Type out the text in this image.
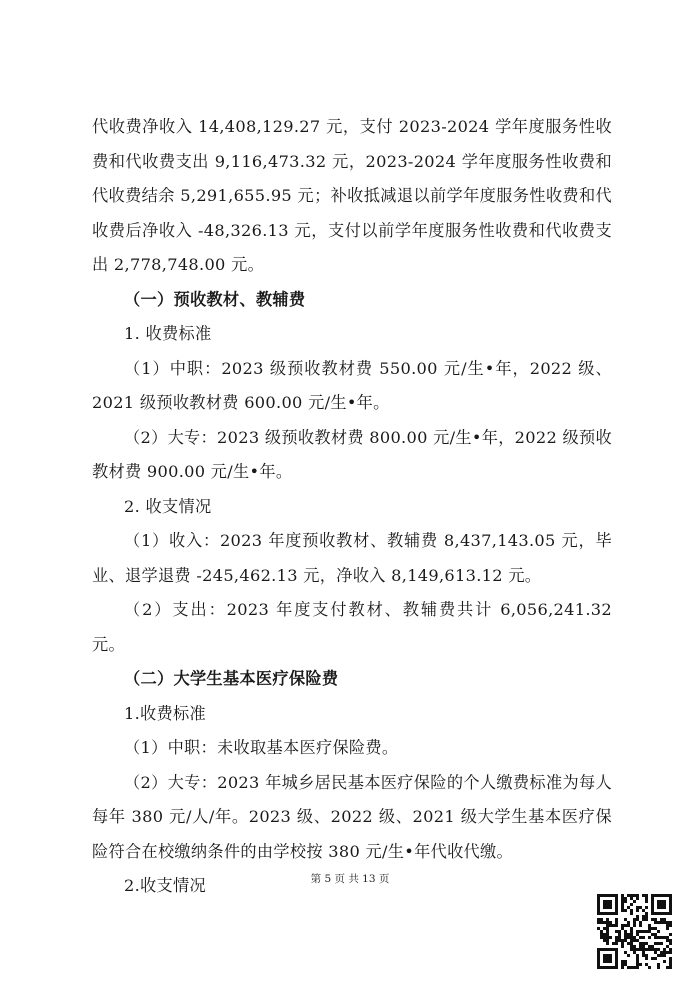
代收费净收入 14,408,129.27 元，支付 2023-2024 学年度服务性收费和代收费支出 9,116,473.32 元，2023-2024 学年度服务性收费和代收费结余 5,291,655.95 元；补收抵减退以前学年度服务性收费和代收费后净收入 -48,326.13 元，支付以前学年度服务性收费和代收费支出 2,778,748.00 元。

（一）预收教材、教辅费

1. 收费标准

（1）中职：2023 级预收教材费 550.00 元/生•年，2022 级、2021 级预收教材费 600.00 元/生•年。

（2）大专：2023 级预收教材费 800.00 元/生•年，2022 级预收教材费 900.00 元/生•年。

2. 收支情况

（1）收入：2023 年度预收教材、教辅费 8,437,143.05 元，毕业、退学退费 -245,462.13 元，净收入 8,149,613.12 元。

（2）支出：2023 年度支付教材、教辅费共计 6,056,241.32 元。

（二）大学生基本医疗保险费

1.收费标准

（1）中职：未收取基本医疗保险费。

（2）大专：2023 年城乡居民基本医疗保险的个人缴费标准为每人每年 380 元/人/年。2023 级、2022 级、2021 级大学生基本医疗保险符合在校缴纳条件的由学校按 380 元/生•年代收代缴。

2.收支情况	第 5 页 共 13 页
